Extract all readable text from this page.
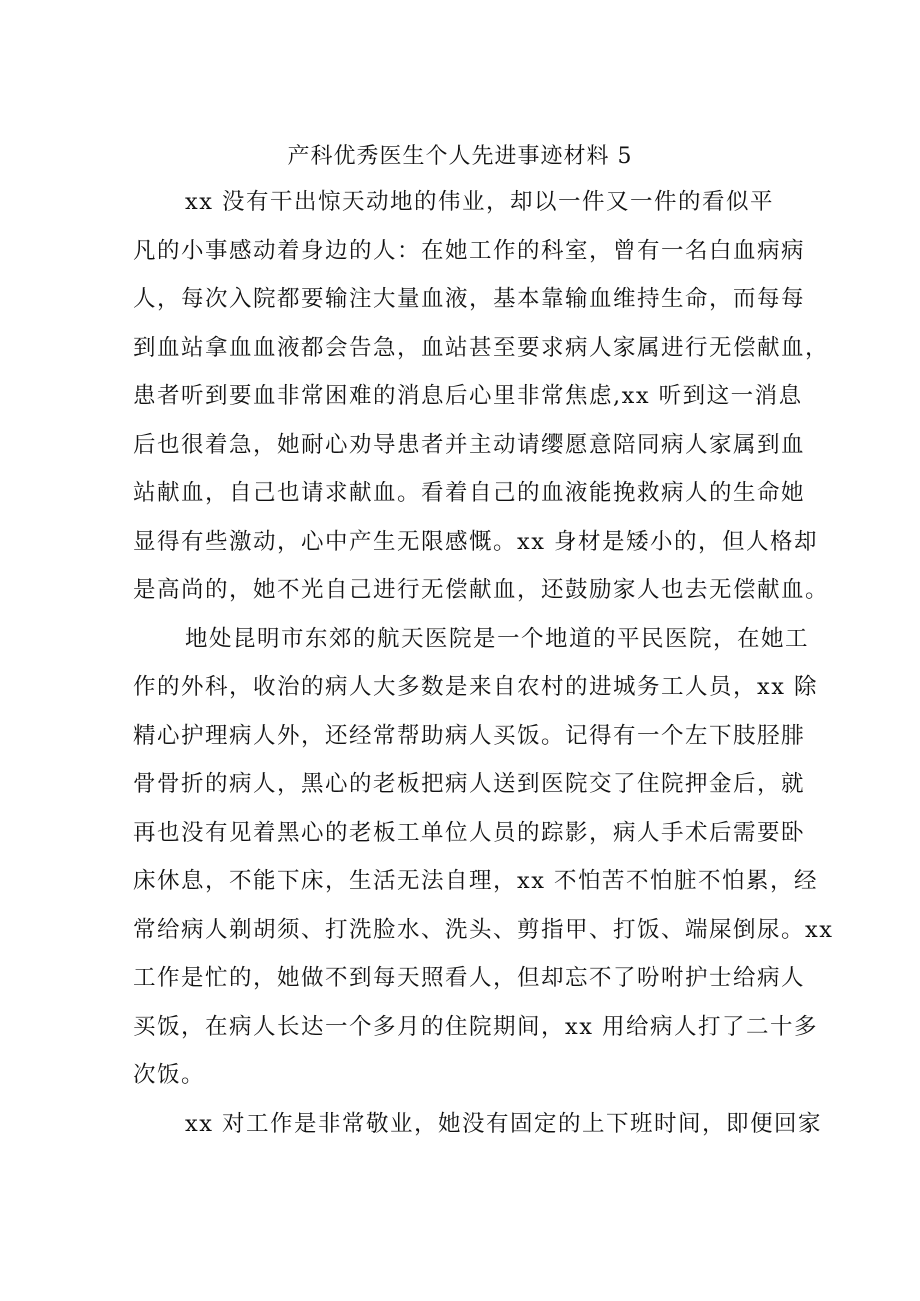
产科优秀医生个人先进事迹材料 5
xx 没有干出惊天动地的伟业，却以一件又一件的看似平
凡的小事感动着身边的人：在她工作的科室，曾有一名白血病病
人，每次入院都要输注大量血液，基本靠输血维持生命，而每每
到血站拿血血液都会告急，血站甚至要求病人家属进行无偿献血，
患者听到要血非常困难的消息后心里非常焦虑,xx 听到这一消息
后也很着急，她耐心劝导患者并主动请缨愿意陪同病人家属到血
站献血，自己也请求献血。看着自己的血液能挽救病人的生命她
显得有些激动，心中产生无限感慨。xx 身材是矮小的，但人格却
是高尚的，她不光自己进行无偿献血，还鼓励家人也去无偿献血。
地处昆明市东郊的航天医院是一个地道的平民医院，在她工
作的外科，收治的病人大多数是来自农村的进城务工人员，xx 除
精心护理病人外，还经常帮助病人买饭。记得有一个左下肢胫腓
骨骨折的病人，黑心的老板把病人送到医院交了住院押金后，就
再也没有见着黑心的老板工单位人员的踪影，病人手术后需要卧
床休息，不能下床，生活无法自理，xx 不怕苦不怕脏不怕累，经
常给病人剃胡须、打洗脸水、洗头、剪指甲、打饭、端屎倒尿。xx
工作是忙的，她做不到每天照看人，但却忘不了吩咐护士给病人
买饭，在病人长达一个多月的住院期间，xx 用给病人打了二十多
次饭。
xx 对工作是非常敬业，她没有固定的上下班时间，即便回家
